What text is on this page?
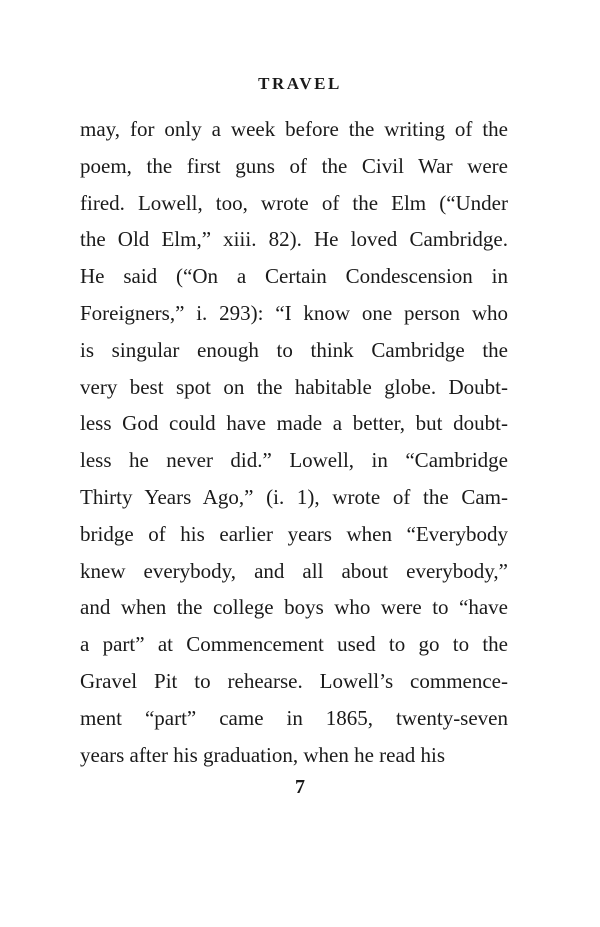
TRAVEL
may, for only a week before the writing of the
poem, the first guns of the Civil War were
fired. Lowell, too, wrote of the Elm (“Under
the Old Elm,” xiii. 82). He loved Cambridge.
He said (“On a Certain Condescension in
Foreigners,” i. 293): “I know one person who
is singular enough to think Cambridge the
very best spot on the habitable globe. Doubt-
less God could have made a better, but doubt-
less he never did.” Lowell, in “Cambridge
Thirty Years Ago,” (i. 1), wrote of the Cam-
bridge of his earlier years when “Everybody
knew everybody, and all about everybody,”
and when the college boys who were to “have
a part” at Commencement used to go to the
Gravel Pit to rehearse. Lowell’s commence-
ment “part” came in 1865, twenty-seven
years after his graduation, when he read his
7
